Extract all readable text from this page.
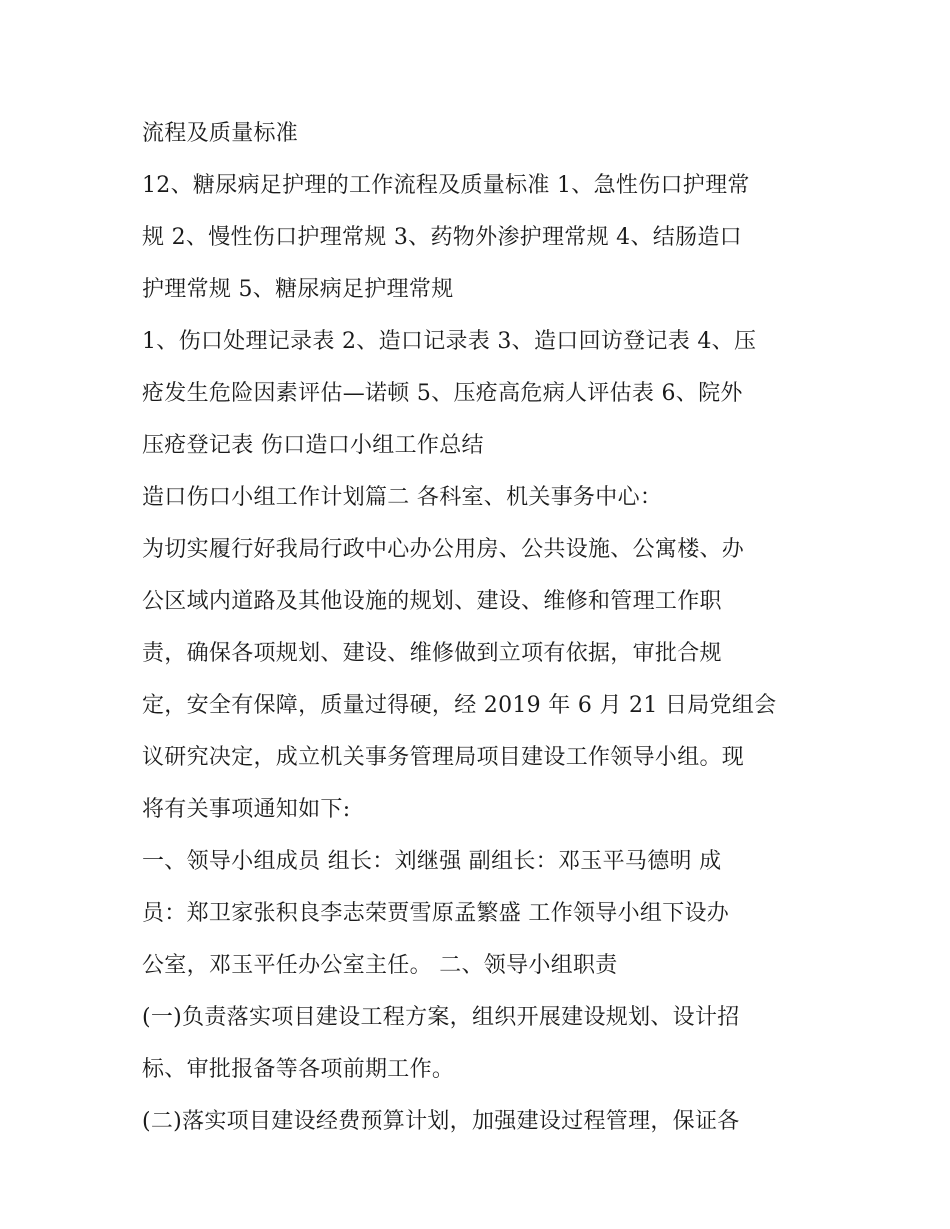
流程及质量标准
12、糖尿病足护理的工作流程及质量标准 1、急性伤口护理常
规 2、慢性伤口护理常规 3、药物外渗护理常规 4、结肠造口
护理常规 5、糖尿病足护理常规
1、伤口处理记录表 2、造口记录表 3、造口回访登记表 4、压
疮发生危险因素评估—诺顿 5、压疮高危病人评估表 6、院外
压疮登记表 伤口造口小组工作总结
造口伤口小组工作计划篇二 各科室、机关事务中心：
为切实履行好我局行政中心办公用房、公共设施、公寓楼、办
公区域内道路及其他设施的规划、建设、维修和管理工作职
责，确保各项规划、建设、维修做到立项有依据，审批合规
定，安全有保障，质量过得硬，经 2019 年 6 月 21 日局党组会
议研究决定，成立机关事务管理局项目建设工作领导小组。现
将有关事项通知如下:
一、领导小组成员 组长：刘继强 副组长：邓玉平马德明 成
员：郑卫家张积良李志荣贾雪原孟繁盛 工作领导小组下设办
公室，邓玉平任办公室主任。 二、领导小组职责
(一)负责落实项目建设工程方案，组织开展建设规划、设计招
标、审批报备等各项前期工作。
(二)落实项目建设经费预算计划，加强建设过程管理，保证各
